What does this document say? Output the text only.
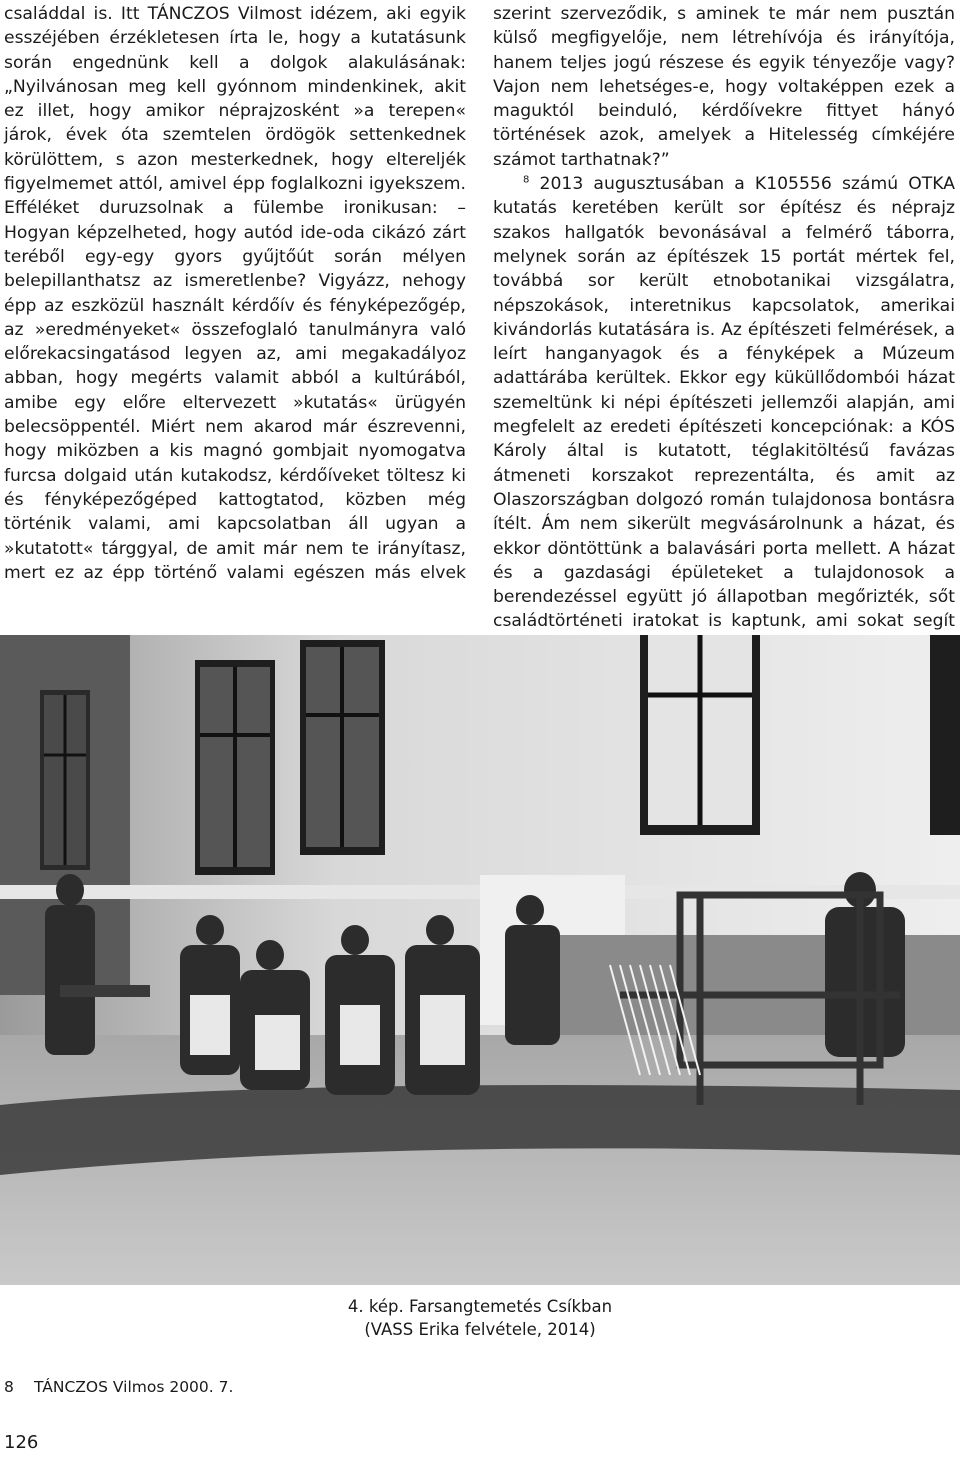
családdal is. Itt TÁNCZOS Vilmost idézem, aki egyik esszéjében érzékletesen írta le, hogy a kutatásunk során engednünk kell a dolgok alakulásának: „Nyilvánosan meg kell gyónnom mindenkinek, akit ez illet, hogy amikor néprajzosként »a terepen« járok, évek óta szemtelen ördögök settenkednek körülöttem, s azon mesterkednek, hogy eltereljék figyelmemet attól, amivel épp foglalkozni igyekszem. Efféléket duruzsolnak a fülembe ironikusan: – Hogyan képzelheted, hogy autód ide-oda cikázó zárt teréből egy-egy gyors gyűjtőút során mélyen belepillanthatsz az ismeretlenbe? Vigyázz, nehogy épp az eszközül használt kérdőív és fényképezőgép, az »eredményeket« összefoglaló tanulmányra való előrekacsingatásod legyen az, ami megakadályoz abban, hogy megérts valamit abból a kultúrából, amibe egy előre eltervezett »kutatás« ürügyén belecsöppentél. Miért nem akarod már észrevenni, hogy miközben a kis magnó gombjait nyomogatva furcsa dolgaid után kutakodsz, kérdőíveket töltesz ki és fényképezőgéped kattogtatod, közben még történik valami, ami kapcsolatban áll ugyan a »kutatott« tárggyal, de amit már nem te irányítasz, mert ez az épp történő valami egészen más elvek

szerint szerveződik, s aminek te már nem pusztán külső megfigyelője, nem létrehívója és irányítója, hanem teljes jogú részese és egyik tényezője vagy? Vajon nem lehetséges-e, hogy voltaképpen ezek a maguktól beinduló, kérdőívekre fittyet hányó történések azok, amelyek a Hitelesség címkéjére számot tarthatnak?”

$^8$ 2013 augusztusában a K105556 számú OTKA kutatás keretében került sor építész és néprajz szakos hallgatók bevonásával a felmérő táborra, melynek során az építészek 15 portát mértek fel, továbbá sor került etnobotanikai vizsgálatra, népszokások, interetnikus kapcsolatok, amerikai kivándorlás kutatására is. Az építészeti felmérések, a leírt hanganyagok és a fényképek a Múzeum adattárába kerültek. Ekkor egy küküllődombói házat szemeltünk ki népi építészeti jellemzői alapján, ami megfelelt az eredeti építészeti koncepciónak: a KÓS Károly által is kutatott, téglakitöltésű favázas átmeneti korszakot reprezentálta, és amit az Olaszországban dolgozó román tulajdonosa bontásra ítélt. Ám nem sikerült megvásárolnunk a házat, és ekkor döntöttünk a balavásári porta mellett. A házat és a gazdasági épületeket a tulajdonosok a berendezéssel együtt jó állapotban megőrizték, sőt családtörténeti iratokat is kaptunk, ami sokat segít

4. kép. Farsangtemetés Csíkban
(VASS Erika felvétele, 2014)
8 TÁNCZOS Vilmos 2000. 7.
126
